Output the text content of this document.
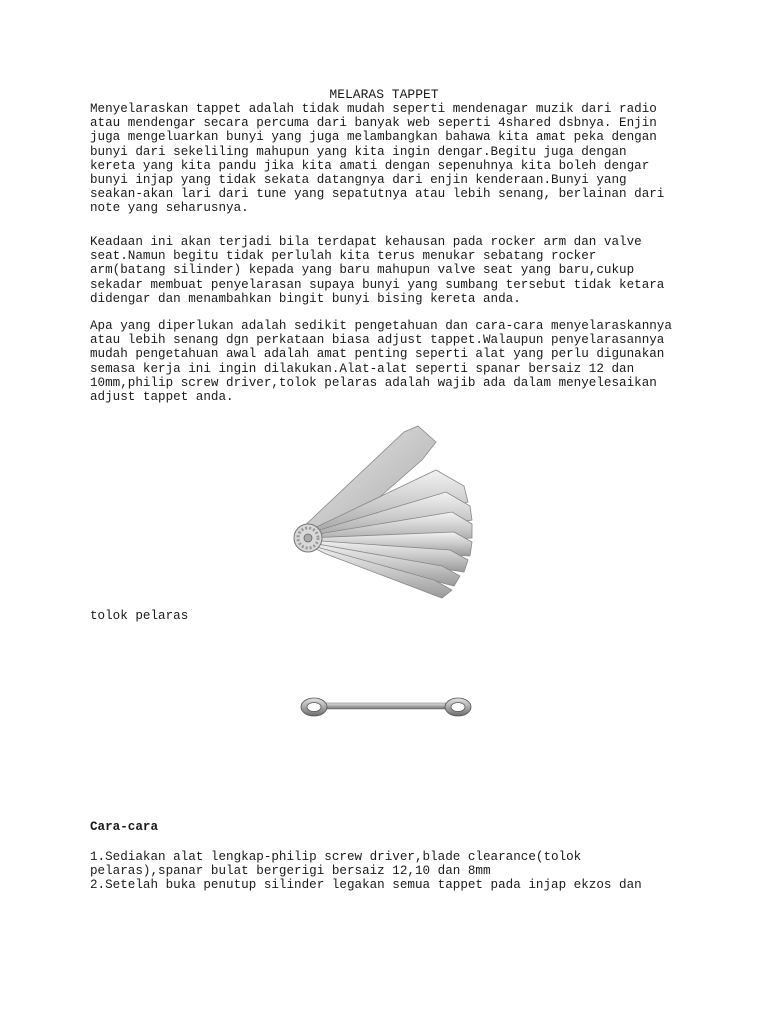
MELARAS TAPPET

Menyelaraskan tappet adalah tidak mudah seperti mendenagar muzik dari radio
atau mendengar secara percuma dari banyak web seperti 4shared dsbnya. Enjin
juga mengeluarkan bunyi yang juga melambangkan bahawa kita amat peka dengan
bunyi dari sekeliling mahupun yang kita ingin dengar.Begitu juga dengan
kereta yang kita pandu jika kita amati dengan sepenuhnya kita boleh dengar
bunyi injap yang tidak sekata datangnya dari enjin kenderaan.Bunyi yang
seakan-akan lari dari tune yang sepatutnya atau lebih senang, berlainan dari
note yang seharusnya.

Keadaan ini akan terjadi bila terdapat kehausan pada rocker arm dan valve
seat.Namun begitu tidak perlulah kita terus menukar sebatang rocker
arm(batang silinder) kepada yang baru mahupun valve seat yang baru,cukup
sekadar membuat penyelarasan supaya bunyi yang sumbang tersebut tidak ketara
didengar dan menambahkan bingit bunyi bising kereta anda.

Apa yang diperlukan adalah sedikit pengetahuan dan cara-cara menyelaraskannya
atau lebih senang dgn perkataan biasa adjust tappet.Walaupun penyelarasannya
mudah pengetahuan awal adalah amat penting seperti alat yang perlu digunakan
semasa kerja ini ingin dilakukan.Alat-alat seperti spanar bersaiz 12 dan
10mm,philip screw driver,tolok pelaras adalah wajib ada dalam menyelesaikan
adjust tappet anda.

tolok pelaras
Cara-cara

1.Sediakan alat lengkap-philip screw driver,blade clearance(tolok
pelaras),spanar bulat bergerigi bersaiz 12,10 dan 8mm
2.Setelah buka penutup silinder legakan semua tappet pada injap ekzos dan
